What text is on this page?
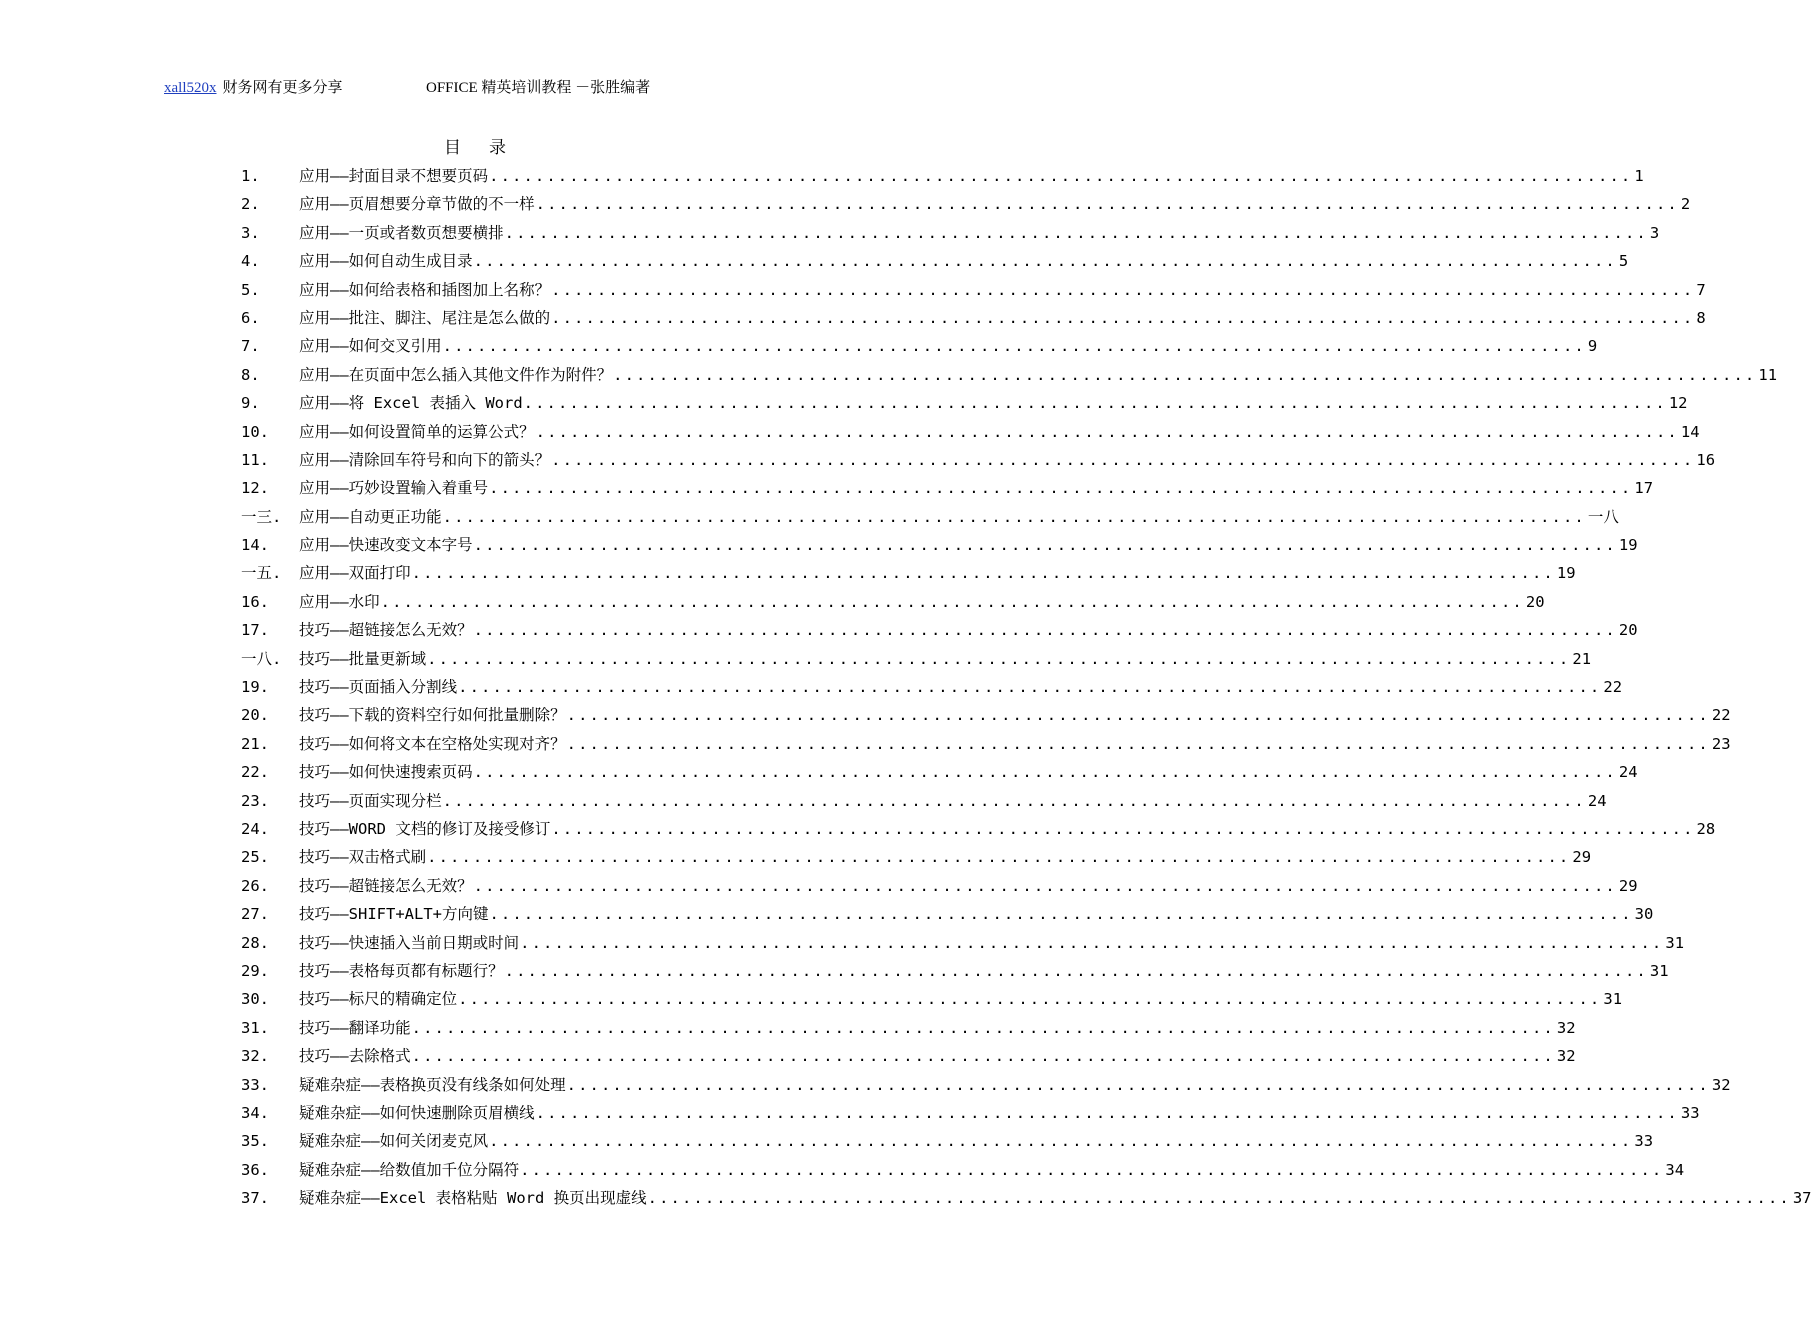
xall520x 财务网有更多分享	OFFICE 精英培训教程 －张胜编著
目录
1.	应用——封面目录不想要页码 .................................................................................................... 1
2.	应用——页眉想要分章节做的不一样 .................................................................................................... 2
3.	应用——一页或者数页想要横排 .................................................................................................... 3
4.	应用——如何自动生成目录 .................................................................................................... 5
5.	应用——如何给表格和插图加上名称？ .................................................................................................... 7
6.	应用——批注、脚注、尾注是怎么做的 .................................................................................................... 8
7.	应用——如何交叉引用 .................................................................................................... 9
8.	应用——在页面中怎么插入其他文件作为附件？ .................................................................................................... 11
9.	应用——将 Excel 表插入 Word .................................................................................................... 12
10.	应用——如何设置简单的运算公式？ .................................................................................................... 14
11.	应用——清除回车符号和向下的箭头？ .................................................................................................... 16
12.	应用——巧妙设置输入着重号 .................................................................................................... 17
一三.	应用——自动更正功能 .................................................................................................... 一八
14.	应用——快速改变文本字号 .................................................................................................... 19
一五.	应用——双面打印 .................................................................................................... 19
16.	应用——水印 .................................................................................................... 20
17.	技巧——超链接怎么无效？ .................................................................................................... 20
一八.	技巧——批量更新域 .................................................................................................... 21
19.	技巧——页面插入分割线 .................................................................................................... 22
20.	技巧——下载的资料空行如何批量删除？ .................................................................................................... 22
21.	技巧——如何将文本在空格处实现对齐？ .................................................................................................... 23
22.	技巧——如何快速搜索页码 .................................................................................................... 24
23.	技巧——页面实现分栏 .................................................................................................... 24
24.	技巧——WORD 文档的修订及接受修订 .................................................................................................... 28
25.	技巧——双击格式刷 .................................................................................................... 29
26.	技巧——超链接怎么无效？ .................................................................................................... 29
27.	技巧——SHIFT+ALT+方向键 .................................................................................................... 30
28.	技巧——快速插入当前日期或时间 .................................................................................................... 31
29.	技巧——表格每页都有标题行？ .................................................................................................... 31
30.	技巧——标尺的精确定位 .................................................................................................... 31
31.	技巧——翻译功能 .................................................................................................... 32
32.	技巧——去除格式 .................................................................................................... 32
33.	疑难杂症——表格换页没有线条如何处理 .................................................................................................... 32
34.	疑难杂症——如何快速删除页眉横线 .................................................................................................... 33
35.	疑难杂症——如何关闭麦克风 .................................................................................................... 33
36.	疑难杂症——给数值加千位分隔符 .................................................................................................... 34
37.	疑难杂症——Excel 表格粘贴 Word 换页出现虚线 .................................................................................................... 37
